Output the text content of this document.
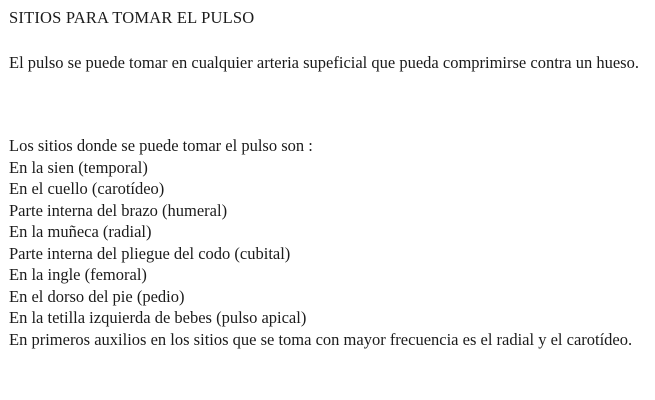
SITIOS PARA TOMAR EL PULSO

El pulso se puede tomar en cualquier arteria supeficial que pueda comprimirse contra un hueso.

Los sitios donde se puede tomar el pulso son :
En la sien (temporal)
En el cuello (carotídeo)
Parte interna del brazo (humeral)
En la muñeca (radial)
Parte interna del pliegue del codo (cubital)
En la ingle (femoral)
En el dorso del pie (pedio)
En la tetilla izquierda de bebes (pulso apical)
En primeros auxilios en los sitios que se toma con mayor frecuencia es el radial y el carotídeo.
